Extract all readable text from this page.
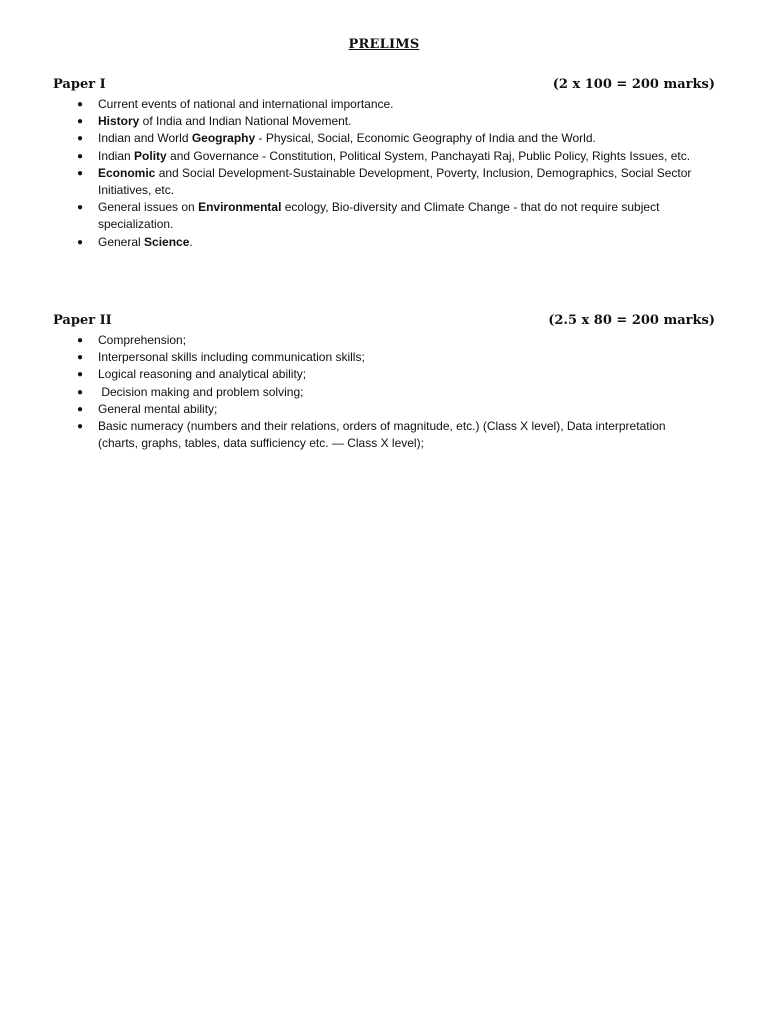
PRELIMS
Paper I	(2 x 100 = 200 marks)
● Current events of national and international importance.
● History of India and Indian National Movement.
● Indian and World Geography - Physical, Social, Economic Geography of India and the World.
● Indian Polity and Governance - Constitution, Political System, Panchayati Raj, Public Policy, Rights Issues, etc.
● Economic and Social Development-Sustainable Development, Poverty, Inclusion, Demographics, Social Sector Initiatives, etc.
● General issues on Environmental ecology, Bio-diversity and Climate Change - that do not require subject specialization.
● General Science.
Paper II	(2.5 x 80 = 200 marks)
● Comprehension;
● Interpersonal skills including communication skills;
● Logical reasoning and analytical ability;
● Decision making and problem solving;
● General mental ability;
● Basic numeracy (numbers and their relations, orders of magnitude, etc.) (Class X level), Data interpretation (charts, graphs, tables, data sufficiency etc. — Class X level);
